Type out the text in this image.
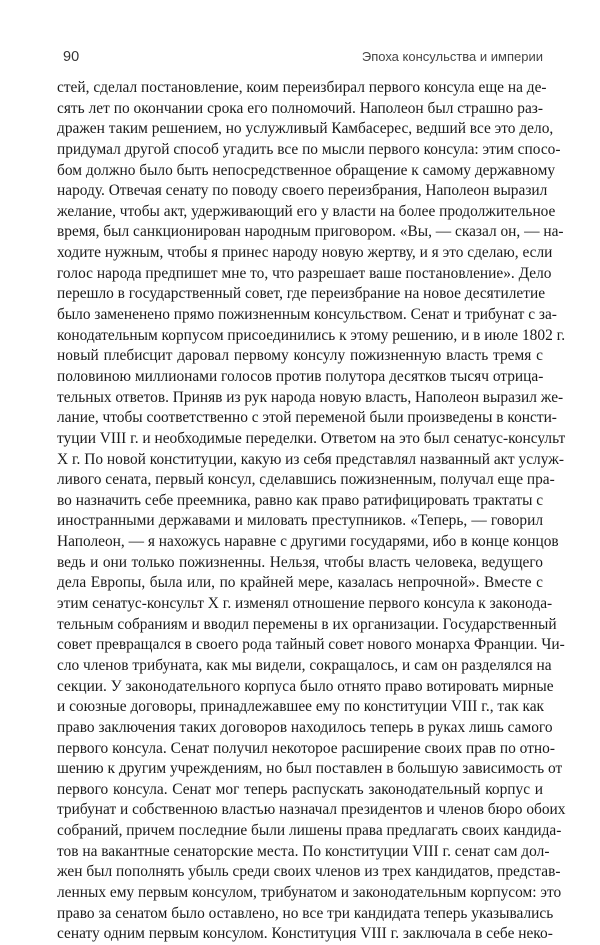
90	Эпоха консульства и империи
стей, сделал постановление, коим переизбирал первого консула еще на де-
сять лет по окончании срока его полномочий. Наполеон был страшно раз-
дражен таким решением, но услужливый Камбасерес, ведший все это дело,
придумал другой способ угадить все по мысли первого консула: этим спосо-
бом должно было быть непосредственное обращение к самому державному
народу. Отвечая сенату по поводу своего переизбрания, Наполеон выразил
желание, чтобы акт, удерживающий его у власти на более продолжительное
время, был санкционирован народным приговором. «Вы, — сказал он, — на-
ходите нужным, чтобы я принес народу новую жертву, и я это сделаю, если
голос народа предпишет мне то, что разрешает ваше постановление». Дело
перешло в государственный совет, где переизбрание на новое десятилетие
было замененено прямо пожизненным консульством. Сенат и трибунат с за-
конодательным корпусом присоединились к этому решению, и в июле 1802 г.
новый плебисцит даровал первому консулу пожизненную власть тремя с
половиною миллионами голосов против полутора десятков тысяч отрица-
тельных ответов. Приняв из рук народа новую власть, Наполеон выразил же-
лание, чтобы соответственно с этой переменой были произведены в консти-
туции VIII г. и необходимые переделки. Ответом на это был сенатус-консульт
X г. По новой конституции, какую из себя представлял названный акт услуж-
ливого сената, первый консул, сделавшись пожизненным, получал еще пра-
во назначить себе преемника, равно как право ратифицировать трактаты с
иностранными державами и миловать преступников. «Теперь, — говорил
Наполеон, — я нахожусь наравне с другими государями, ибо в конце концов
ведь и они только пожизненны. Нельзя, чтобы власть человека, ведущего
дела Европы, была или, по крайней мере, казалась непрочной». Вместе с
этим сенатус-консульт X г. изменял отношение первого консула к законода-
тельным собраниям и вводил перемены в их организации. Государственный
совет превращался в своего рода тайный совет нового монарха Франции. Чи-
сло членов трибуната, как мы видели, сокращалось, и сам он разделялся на
секции. У законодательного корпуса было отнято право вотировать мирные
и союзные договоры, принадлежавшее ему по конституции VIII г., так как
право заключения таких договоров находилось теперь в руках лишь самого
первого консула. Сенат получил некоторое расширение своих прав по отно-
шению к другим учреждениям, но был поставлен в большую зависимость от
первого консула. Сенат мог теперь распускать законодательный корпус и
трибунат и собственною властью назначал президентов и членов бюро обоих
собраний, причем последние были лишены права предлагать своих кандида-
тов на вакантные сенаторские места. По конституции VIII г. сенат сам дол-
жен был пополнять убыль среди своих членов из трех кандидатов, представ-
ленных ему первым консулом, трибунатом и законодательным корпусом: это
право за сенатом было оставлено, но все три кандидата теперь указывались
сенату одним первым консулом. Конституция VIII г. заключала в себе неко-
